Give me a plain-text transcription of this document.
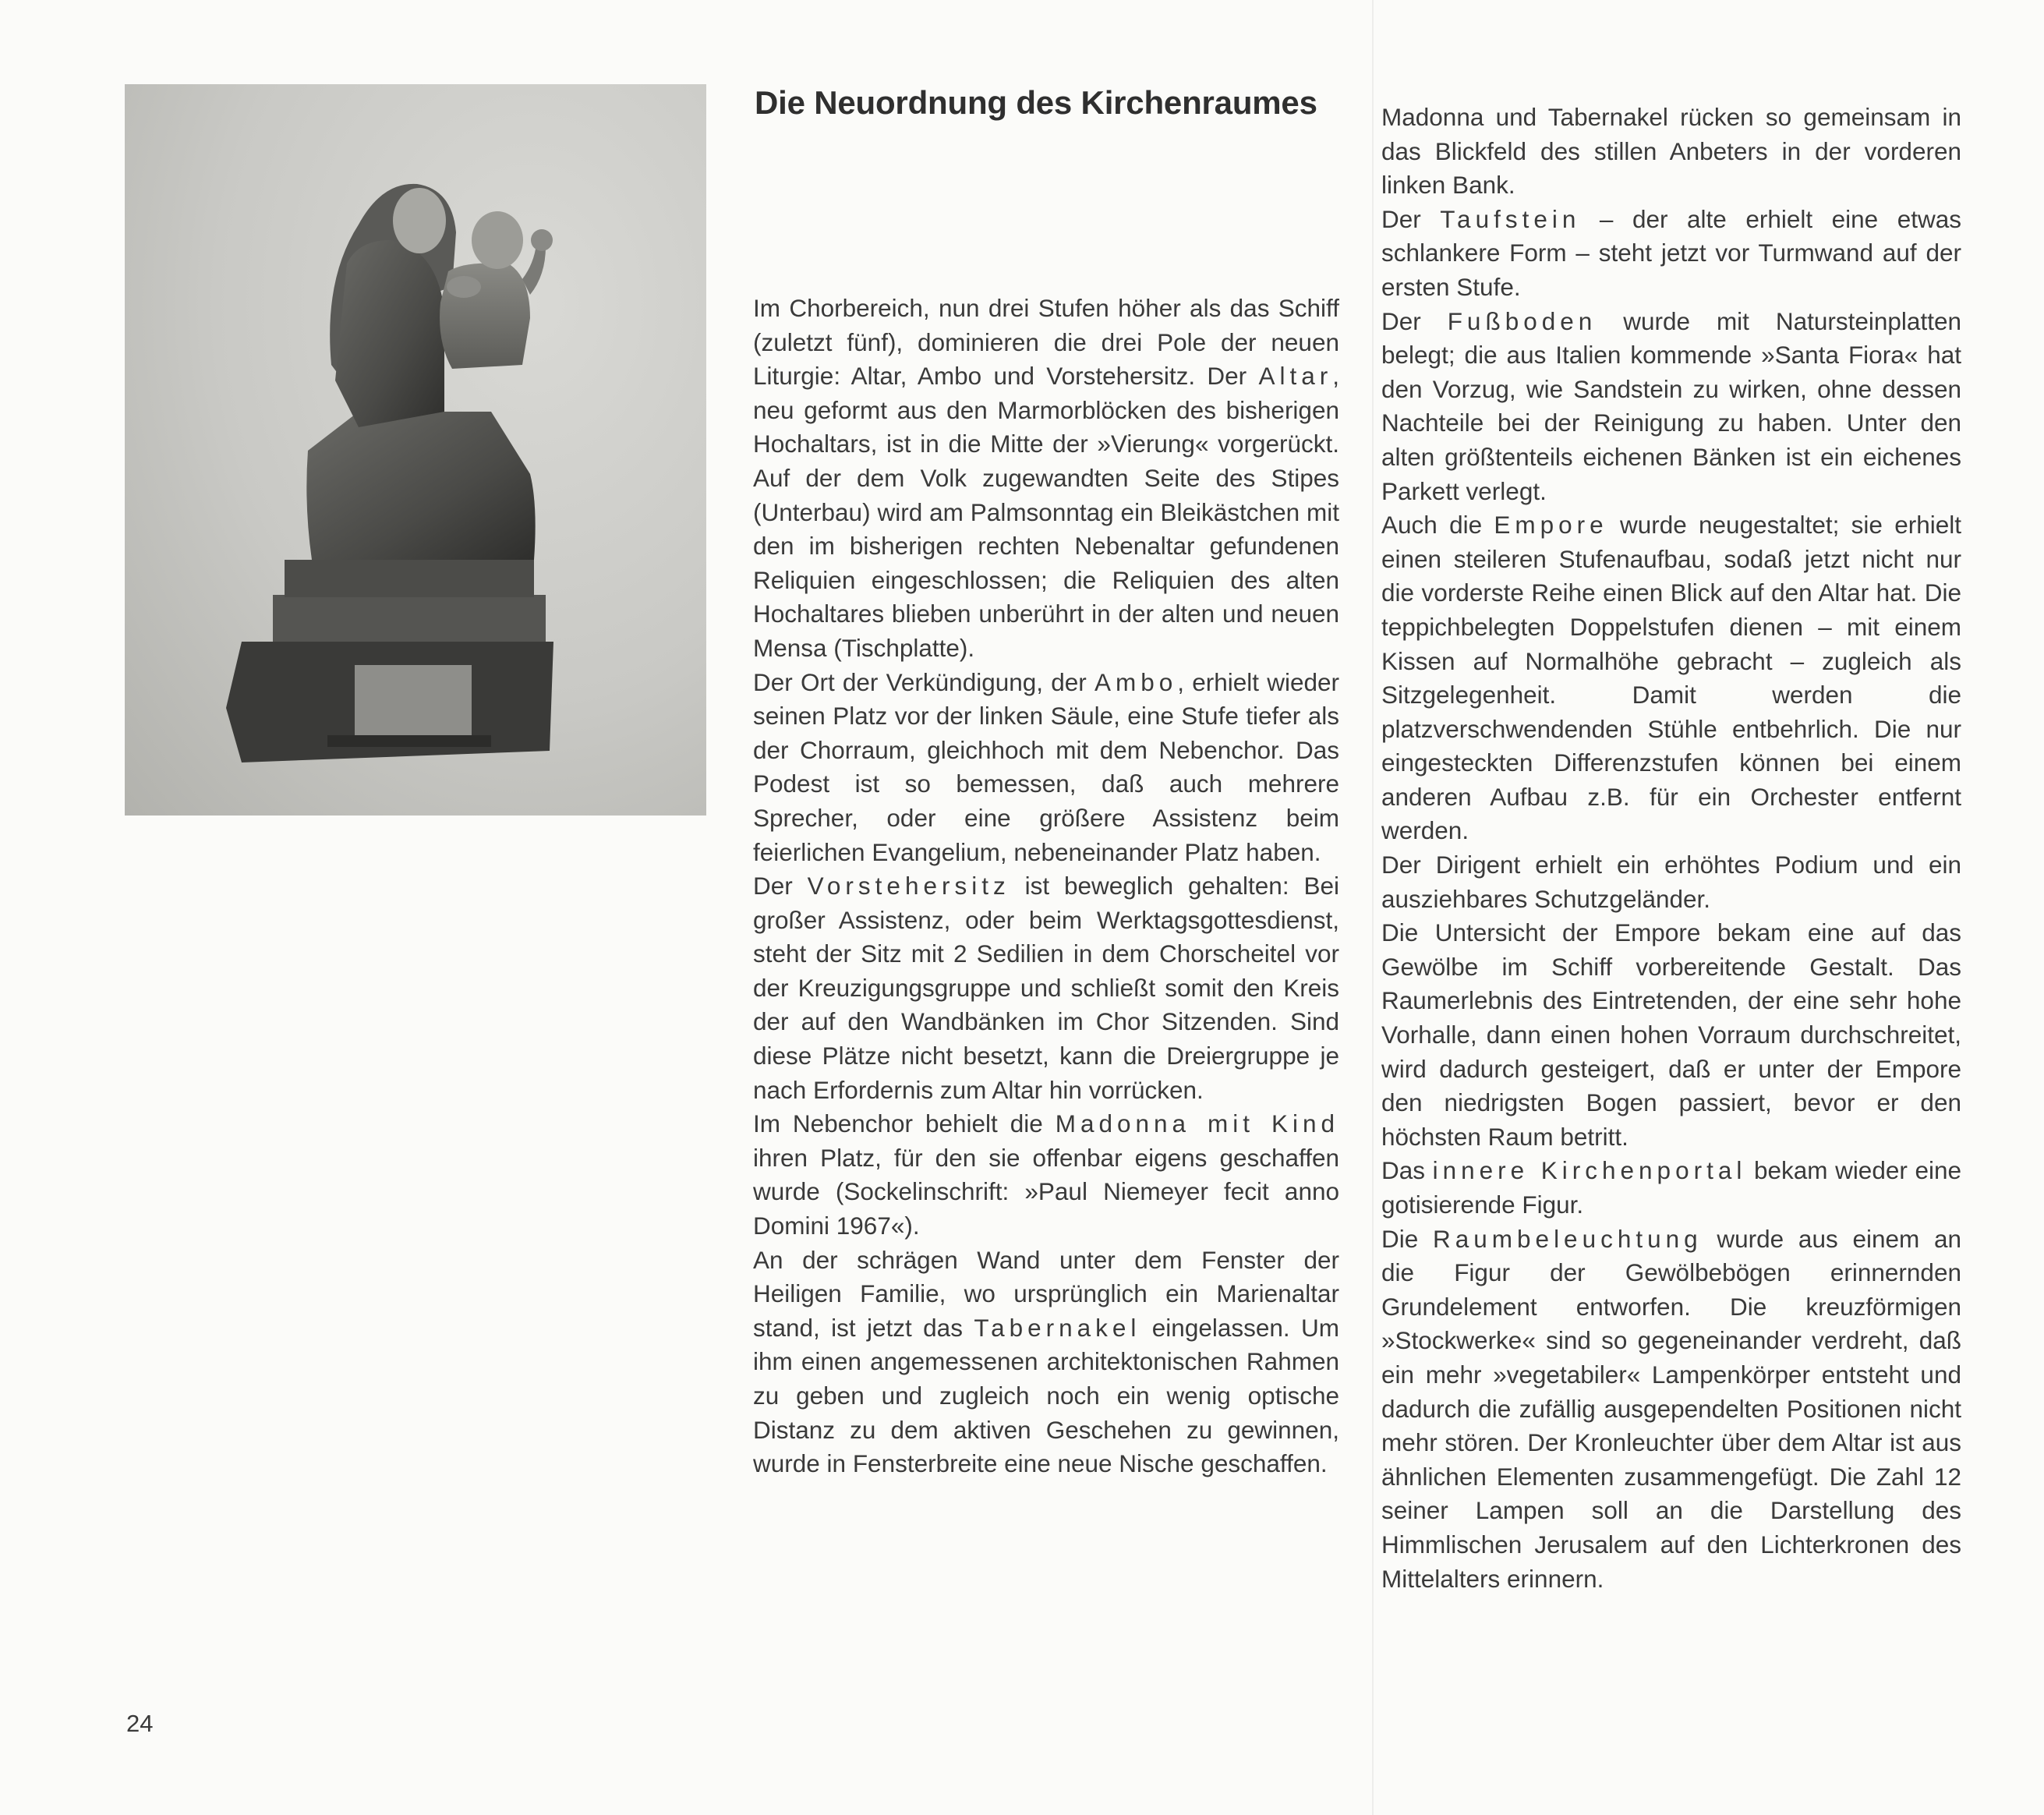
Die Neuordnung des Kirchenraumes

Im Chorbereich, nun drei Stufen höher als das Schiff (zuletzt fünf), dominieren die drei Pole der neuen Liturgie: Altar, Ambo und Vorstehersitz. Der Altar, neu geformt aus den Marmorblöcken des bisherigen Hochaltars, ist in die Mitte der »Vierung« vorgerückt. Auf der dem Volk zugewandten Seite des Stipes (Unterbau) wird am Palmsonntag ein Bleikästchen mit den im bisherigen rechten Nebenaltar gefundenen Reliquien eingeschlossen; die Reliquien des alten Hochaltares blieben unberührt in der alten und neuen Mensa (Tischplatte).

Der Ort der Verkündigung, der Ambo, erhielt wieder seinen Platz vor der linken Säule, eine Stufe tiefer als der Chorraum, gleichhoch mit dem Nebenchor. Das Podest ist so bemessen, daß auch mehrere Sprecher, oder eine größere Assistenz beim feierlichen Evangelium, nebeneinander Platz haben.

Der Vorstehersitz ist beweglich gehalten: Bei großer Assistenz, oder beim Werktagsgottesdienst, steht der Sitz mit 2 Sedilien in dem Chorscheitel vor der Kreuzigungsgruppe und schließt somit den Kreis der auf den Wandbänken im Chor Sitzenden. Sind diese Plätze nicht besetzt, kann die Dreiergruppe je nach Erfordernis zum Altar hin vorrücken.

Im Nebenchor behielt die Madonna mit Kind ihren Platz, für den sie offenbar eigens geschaffen wurde (Sockelinschrift: »Paul Niemeyer fecit anno Domini 1967«).

An der schrägen Wand unter dem Fenster der Heiligen Familie, wo ursprünglich ein Marienaltar stand, ist jetzt das Tabernakel eingelassen. Um ihm einen angemessenen architektonischen Rahmen zu geben und zugleich noch ein wenig optische Distanz zu dem aktiven Geschehen zu gewinnen, wurde in Fensterbreite eine neue Nische geschaffen.

Madonna und Tabernakel rücken so gemeinsam in das Blickfeld des stillen Anbeters in der vorderen linken Bank.

Der Taufstein – der alte erhielt eine etwas schlankere Form – steht jetzt vor Turmwand auf der ersten Stufe.

Der Fußboden wurde mit Natursteinplatten belegt; die aus Italien kommende »Santa Fiora« hat den Vorzug, wie Sandstein zu wirken, ohne dessen Nachteile bei der Reinigung zu haben. Unter den alten größtenteils eichenen Bänken ist ein eichenes Parkett verlegt.

Auch die Empore wurde neugestaltet; sie erhielt einen steileren Stufenaufbau, sodaß jetzt nicht nur die vorderste Reihe einen Blick auf den Altar hat. Die teppichbelegten Doppelstufen dienen – mit einem Kissen auf Normalhöhe gebracht – zugleich als Sitzgelegenheit. Damit werden die platzverschwendenden Stühle entbehrlich. Die nur eingesteckten Differenzstufen können bei einem anderen Aufbau z.B. für ein Orchester entfernt werden.

Der Dirigent erhielt ein erhöhtes Podium und ein ausziehbares Schutzgeländer.

Die Untersicht der Empore bekam eine auf das Gewölbe im Schiff vorbereitende Gestalt. Das Raumerlebnis des Eintretenden, der eine sehr hohe Vorhalle, dann einen hohen Vorraum durchschreitet, wird dadurch gesteigert, daß er unter der Empore den niedrigsten Bogen passiert, bevor er den höchsten Raum betritt.

Das innere Kirchenportal bekam wieder eine gotisierende Figur.

Die Raumbeleuchtung wurde aus einem an die Figur der Gewölbebögen erinnernden Grundelement entworfen. Die kreuzförmigen »Stockwerke« sind so gegeneinander verdreht, daß ein mehr »vegetabiler« Lampenkörper entsteht und dadurch die zufällig ausgependelten Positionen nicht mehr stören. Der Kronleuchter über dem Altar ist aus ähnlichen Elementen zusammengefügt. Die Zahl 12 seiner Lampen soll an die Darstellung des Himmlischen Jerusalem auf den Lichterkronen des Mittelalters erinnern.

24
